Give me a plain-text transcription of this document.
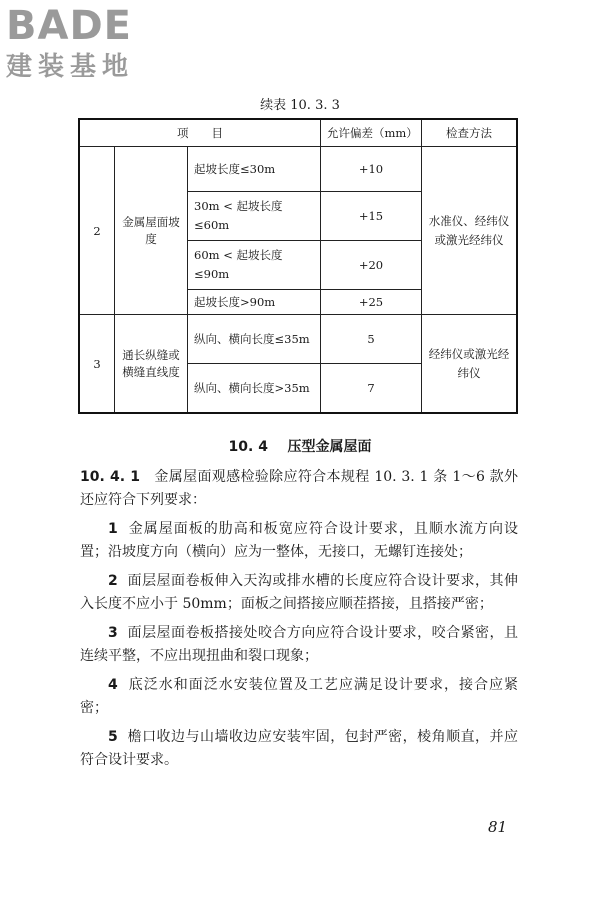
BADE
建装基地
续表 10. 3. 3
项　　目			允许偏差（mm）	检查方法
2	金属屋面坡度	起坡长度≤30m	+10	水准仪、经纬仪或激光经纬仪
		30m < 起坡长度≤60m	+15	
		60m < 起坡长度≤90m	+20	
		起坡长度>90m	+25	
3	通长纵缝或横缝直线度	纵向、横向长度≤35m	5	经纬仪或激光经纬仪
		纵向、横向长度>35m	7	
10. 4 压型金属屋面

10. 4. 1 金属屋面观感检验除应符合本规程 10. 3. 1 条 1～6 款外还应符合下列要求：

1 金属屋面板的肋高和板宽应符合设计要求，且顺水流方向设置；沿坡度方向（横向）应为一整体，无接口，无螺钉连接处；

2 面层屋面卷板伸入天沟或排水槽的长度应符合设计要求，其伸入长度不应小于 50mm；面板之间搭接应顺茬搭接，且搭接严密；

3 面层屋面卷板搭接处咬合方向应符合设计要求，咬合紧密，且连续平整，不应出现扭曲和裂口现象；

4 底泛水和面泛水安装位置及工艺应满足设计要求，接合应紧密；

5 檐口收边与山墙收边应安装牢固，包封严密，棱角顺直，并应符合设计要求。

81
